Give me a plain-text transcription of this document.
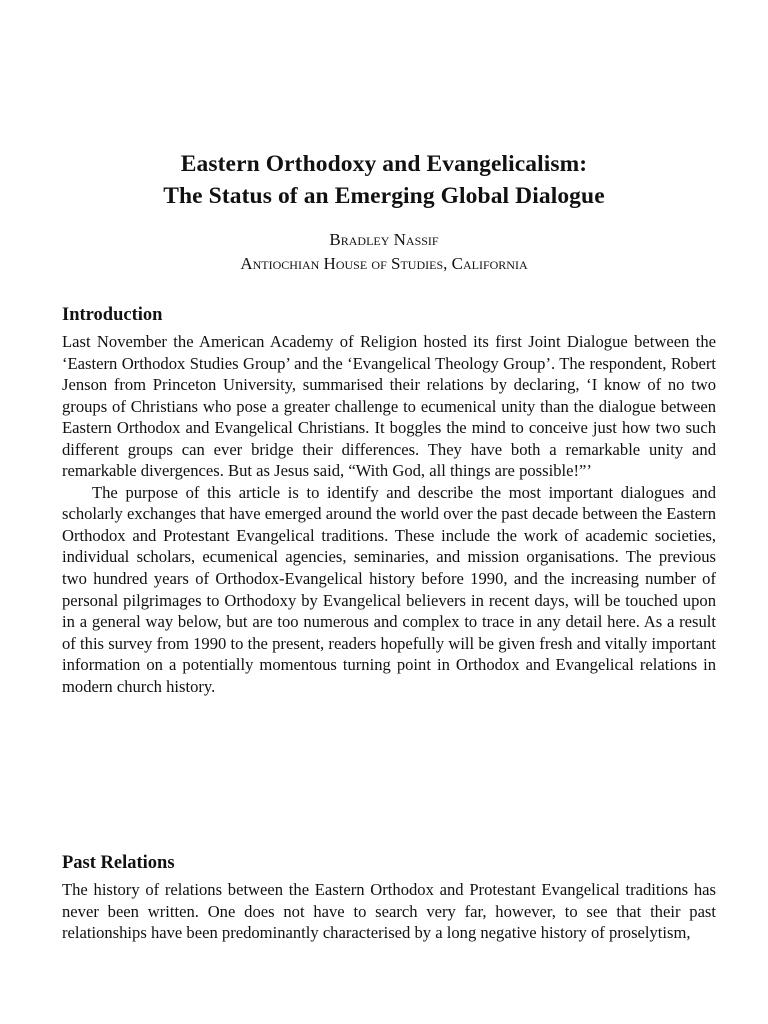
Eastern Orthodoxy and Evangelicalism:
The Status of an Emerging Global Dialogue
Bradley Nassif
Antiochian House of Studies, California
Introduction

Last November the American Academy of Religion hosted its first Joint Dialogue between the ‘Eastern Orthodox Studies Group’ and the ‘Evangelical Theology Group’. The respondent, Robert Jenson from Princeton University, summarised their relations by declaring, ‘I know of no two groups of Christians who pose a greater challenge to ecumenical unity than the dialogue between Eastern Orthodox and Evangelical Christians. It boggles the mind to conceive just how two such different groups can ever bridge their differences. They have both a remarkable unity and remarkable divergences. But as Jesus said, “With God, all things are possible!”’

The purpose of this article is to identify and describe the most important dialogues and scholarly exchanges that have emerged around the world over the past decade between the Eastern Orthodox and Protestant Evangelical traditions. These include the work of academic societies, individual scholars, ecumenical agencies, seminaries, and mission organisations. The previous two hundred years of Orthodox-Evangelical history before 1990, and the increasing number of personal pilgrimages to Orthodoxy by Evangelical believers in recent days, will be touched upon in a general way below, but are too numerous and complex to trace in any detail here. As a result of this survey from 1990 to the present, readers hopefully will be given fresh and vitally important information on a potentially momentous turning point in Orthodox and Evangelical relations in modern church history.

Past Relations

The history of relations between the Eastern Orthodox and Protestant Evangelical traditions has never been written. One does not have to search very far, however, to see that their past relationships have been predominantly characterised by a long negative history of proselytism,
